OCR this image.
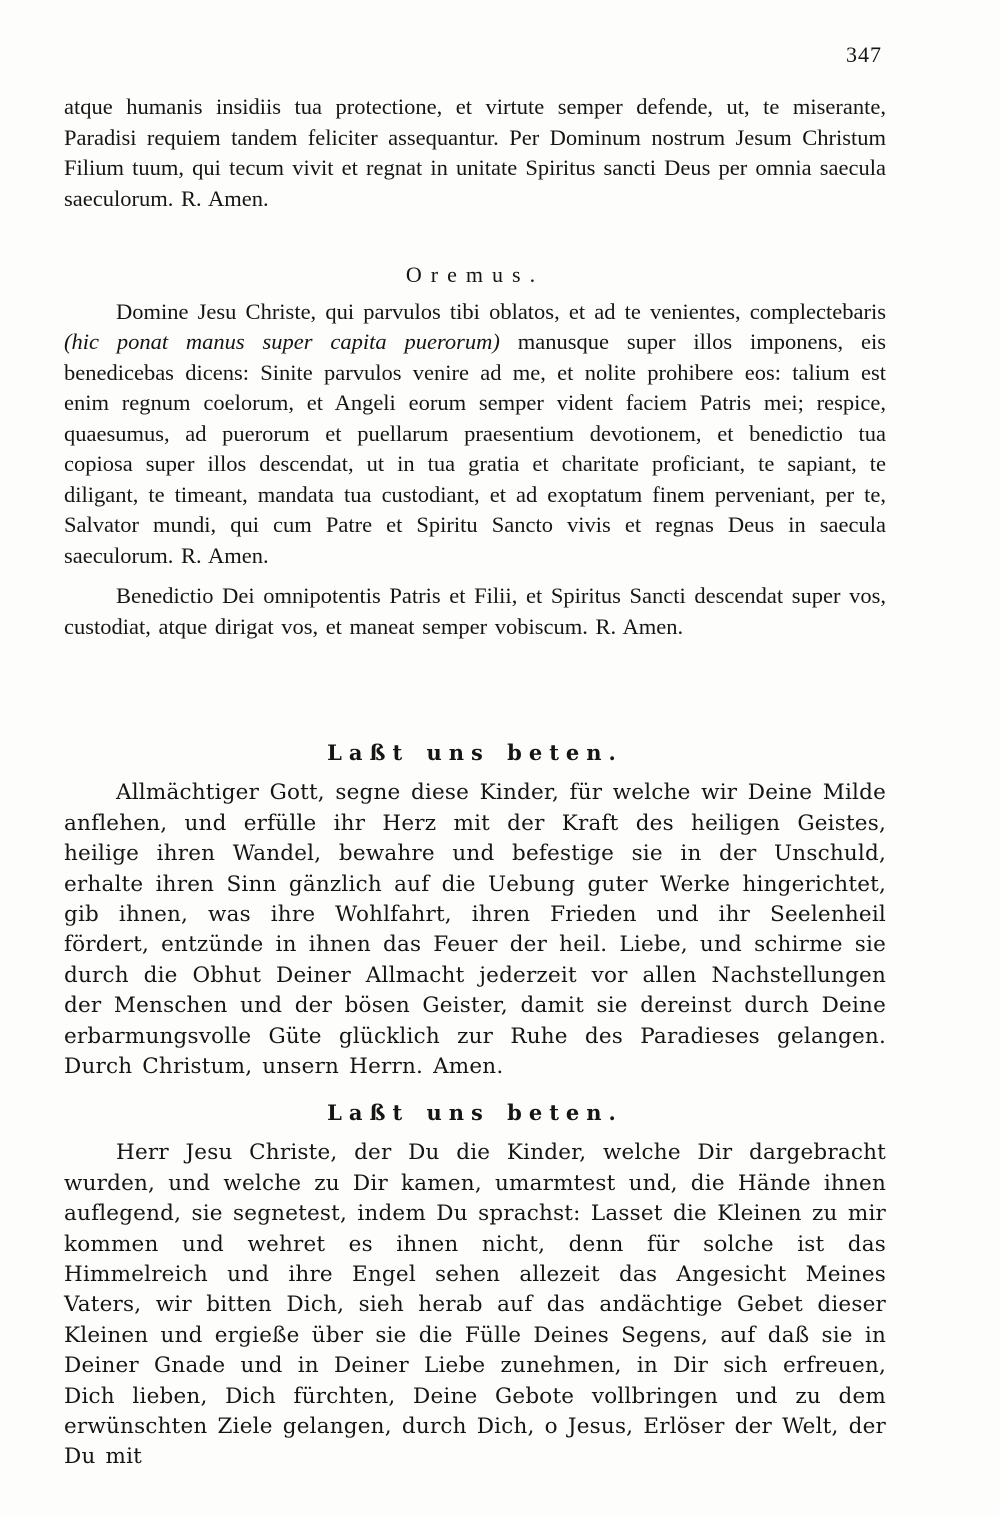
347

atque humanis insidiis tua protectione, et virtute semper defende, ut, te miserante, Paradisi requiem tandem feliciter assequantur. Per Dominum nostrum Jesum Christum Filium tuum, qui tecum vivit et regnat in unitate Spiritus sancti Deus per omnia saecula saeculorum. R. Amen.

Oremus.

Domine Jesu Christe, qui parvulos tibi oblatos, et ad te venientes, complectebaris (hic ponat manus super capita puerorum) manusque super illos imponens, eis benedicebas dicens: Sinite parvulos venire ad me, et nolite prohibere eos: talium est enim regnum coelorum, et Angeli eorum semper vident faciem Patris mei; respice, quaesumus, ad puerorum et puellarum praesentium devotionem, et benedictio tua copiosa super illos descendat, ut in tua gratia et charitate proficiant, te sapiant, te diligant, te timeant, mandata tua custodiant, et ad exoptatum finem perveniant, per te, Salvator mundi, qui cum Patre et Spiritu Sancto vivis et regnas Deus in saecula saeculorum. R. Amen.

Benedictio Dei omnipotentis Patris et Filii, et Spiritus Sancti descendat super vos, custodiat, atque dirigat vos, et maneat semper vobiscum. R. Amen.

Laßt uns beten.

Allmächtiger Gott, segne diese Kinder, für welche wir Deine Milde anflehen, und erfülle ihr Herz mit der Kraft des heiligen Geistes, heilige ihren Wandel, bewahre und befestige sie in der Unschuld, erhalte ihren Sinn gänzlich auf die Uebung guter Werke hingerichtet, gib ihnen, was ihre Wohlfahrt, ihren Frieden und ihr Seelenheil fördert, entzünde in ihnen das Feuer der heil. Liebe, und schirme sie durch die Obhut Deiner Allmacht jederzeit vor allen Nachstellungen der Menschen und der bösen Geister, damit sie dereinst durch Deine erbarmungsvolle Güte glücklich zur Ruhe des Paradieses gelangen. Durch Christum, unsern Herrn. Amen.

Laßt uns beten.

Herr Jesu Christe, der Du die Kinder, welche Dir dargebracht wurden, und welche zu Dir kamen, umarmtest und, die Hände ihnen auflegend, sie segnetest, indem Du sprachst: Lasset die Kleinen zu mir kommen und wehret es ihnen nicht, denn für solche ist das Himmelreich und ihre Engel sehen allezeit das Angesicht Meines Vaters, wir bitten Dich, sieh herab auf das andächtige Gebet dieser Kleinen und ergieße über sie die Fülle Deines Segens, auf daß sie in Deiner Gnade und in Deiner Liebe zunehmen, in Dir sich erfreuen, Dich lieben, Dich fürchten, Deine Gebote vollbringen und zu dem erwünschten Ziele gelangen, durch Dich, o Jesus, Erlöser der Welt, der Du mit
